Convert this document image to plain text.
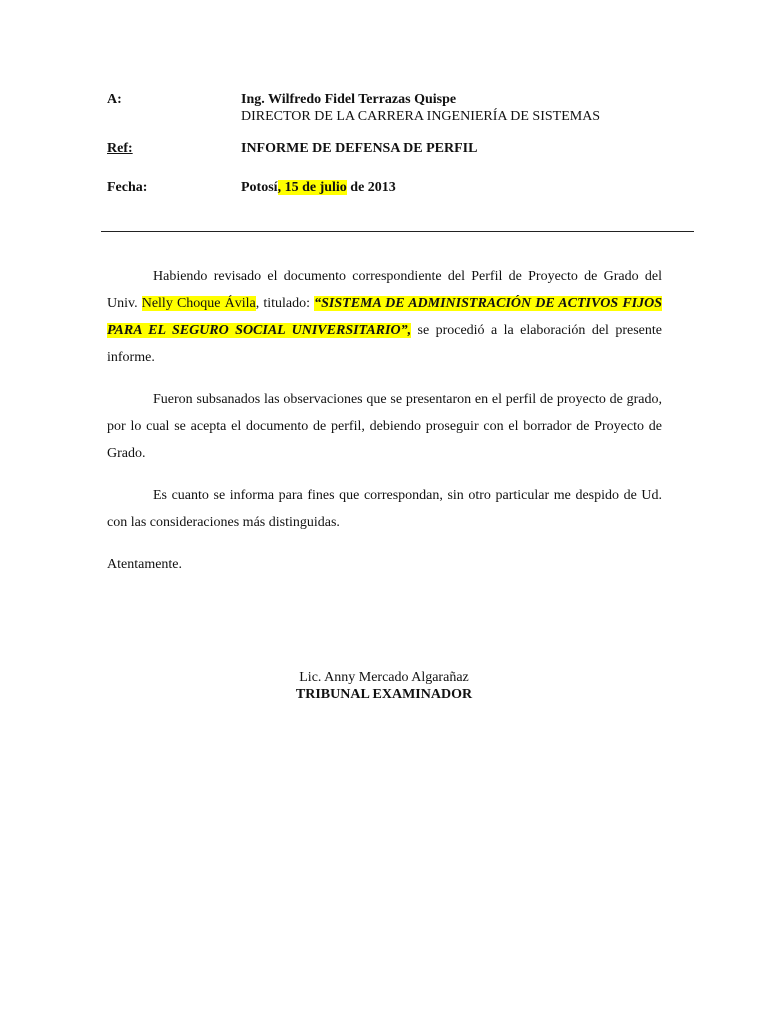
A:	Ing. Wilfredo Fidel Terrazas Quispe
DIRECTOR DE LA CARRERA INGENIERÍA DE SISTEMAS
Ref:	INFORME DE DEFENSA DE PERFIL
Fecha:	Potosí, 15 de julio de 2013
Habiendo revisado el documento correspondiente del Perfil de Proyecto de Grado del Univ. Nelly Choque Ávila, titulado: “SISTEMA DE ADMINISTRACIÓN DE ACTIVOS FIJOS PARA EL SEGURO SOCIAL UNIVERSITARIO”, se procedió a la elaboración del presente informe.
Fueron subsanados las observaciones que se presentaron en el perfil de proyecto de grado, por lo cual se acepta el documento de perfil, debiendo proseguir con el borrador de Proyecto de Grado.
Es cuanto se informa para fines que correspondan, sin otro particular me despido de Ud. con las consideraciones más distinguidas.
Atentamente.
Lic. Anny Mercado Algarañaz
TRIBUNAL EXAMINADOR
